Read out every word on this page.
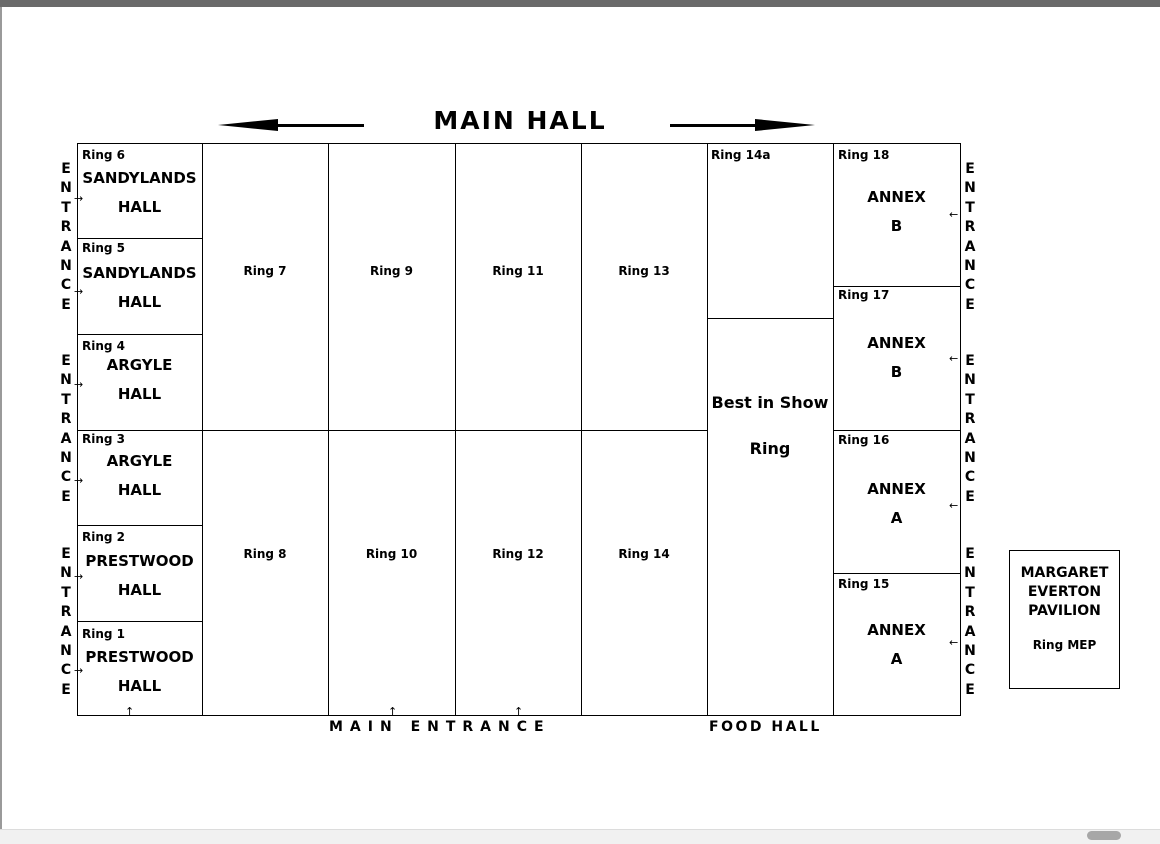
MAIN HALL
Ring 6
SANDYLANDS
HALL
Ring 5
SANDYLANDS
HALL
Ring 4
ARGYLE
HALL
Ring 3
ARGYLE
HALL
Ring 2
PRESTWOOD
HALL
Ring 1
PRESTWOOD
HALL
Ring 7	Ring 9	Ring 11	Ring 13
Ring 8	Ring 10	Ring 12	Ring 14
Ring 14a
Best in Show
Ring
Ring 18
ANNEX
B
Ring 17
ANNEX
B
Ring 16
ANNEX
A
Ring 15
ANNEX
A
E
N
T
R
A
N
C
E
E
N
T
R
A
N
C
E
E
N
T
R
A
N
C
E
E
N
T
R
A
N
C
E
E
N
T
R
A
N
C
E
E
N
T
R
A
N
C
E
→
→
→
→
→
→
←
←
←
←
↑	↑	↑
MAIN ENTRANCE	FOOD HALL
MARGARET
EVERTON
PAVILION
Ring MEP
